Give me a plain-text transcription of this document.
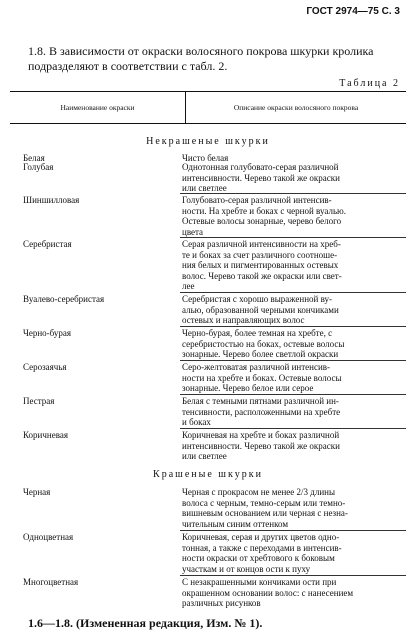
ГОСТ 2974—75 С. 3
1.8. В зависимости от окраски волосяного покрова шкурки кролика подразделяют в соответствии с табл. 2.
Таблица 2
Наименование окраски	Описание окраски волосяного покрова
Некрашеные шкурки
Белая	Чисто белая
Голубая	Однотонная голубовато-серая различной
интенсивности. Черево такой же окраски
или светлее
Шиншилловая	Голубовато-серая различной интенсив-
ности. На хребте и боках с черной вуалью.
Остевые волосы зонарные, черево белого
цвета
Серебристая	Серая различной интенсивности на хреб-
те и боках за счет различного соотноше-
ния белых и пигментированных остевых
волос. Черево такой же окраски или свет-
лее
Вуалево-серебристая	Серебристая с хорошо выраженной ву-
алью, образованной черными кончиками
остевых и направляющих волос
Черно-бурая	Черно-бурая, более темная на хребте, с
серебристостью на боках, остевые волосы
зонарные. Черево более светлой окраски
Серозаячья	Серо-желтоватая различной интенсив-
ности на хребте и боках. Остевые волосы
зонарные. Черево белое или серое
Пестрая	Белая с темными пятнами различной ин-
тенсивности, расположенными на хребте
и боках
Коричневая	Коричневая на хребте и боках различной
интенсивности. Черево такой же окраски
или светлее
Крашеные шкурки
Черная	Черная с прокрасом не менее 2/3 длины
волоса с черным, темно-серым или темно-
вишневым основанием или черная с незна-
чительным синим оттенком
Одноцветная	Коричневая, серая и других цветов одно-
тонная, а также с переходами в интенсив-
ности окраски от хребтового к боковым
участкам и от концов ости к пуху
1.6—1.8. (Измененная редакция, Изм. № 1).
Многоцветная	С незакрашенными кончиками ости при
окрашенном основании волос: с нанесением
различных рисунков
